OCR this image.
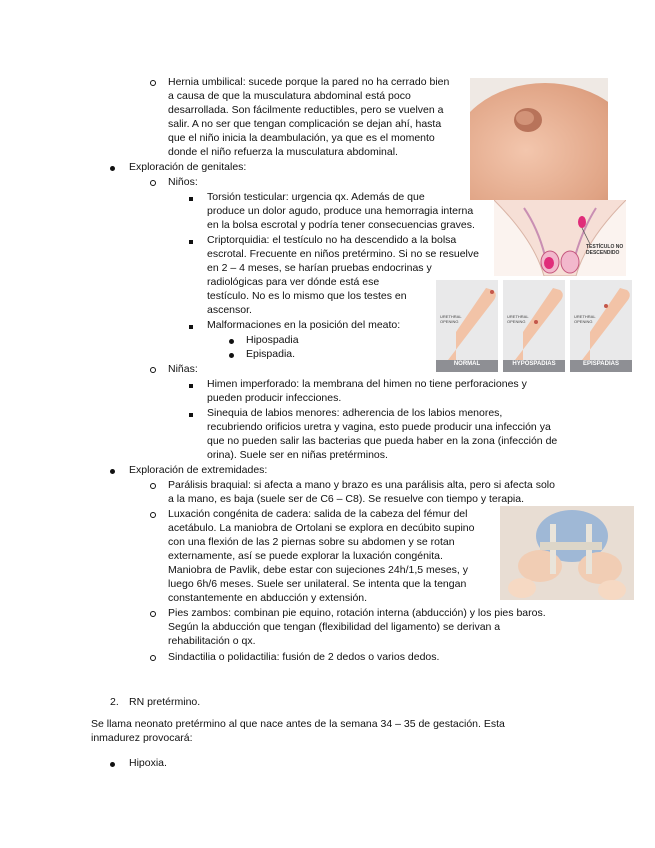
TESTÍCULO NO
DESCENDIDO
URETHRAL
OPENING
URETHRAL
OPENING
URETHRAL
OPENING
NORMAL	HYPOSPADIAS	EPISPADIAS
Hernia umbilical: sucede porque la pared no ha cerrado bien
a causa de que la musculatura abdominal está poco
desarrollada. Son fácilmente reductibles, pero se vuelven a
salir. A no ser que tengan complicación se dejan ahí, hasta
que el niño inicia la deambulación, ya que es el momento
donde el niño refuerza la musculatura abdominal.
Exploración de genitales:
Niños:
Torsión testicular: urgencia qx. Además de que
produce un dolor agudo, produce una hemorragia interna
en la bolsa escrotal y podría tener consecuencias graves.
Criptorquidia: el testículo no ha descendido a la bolsa
escrotal. Frecuente en niños pretérmino. Si no se resuelve
en 2 – 4 meses, se harían pruebas endocrinas y
radiológicas para ver dónde está ese
testículo. No es lo mismo que los testes en
ascensor.
Malformaciones en la posición del meato:
Hipospadia
Epispadia.
Niñas:
Himen imperforado: la membrana del himen no tiene perforaciones y
pueden producir infecciones.
Sinequia de labios menores: adherencia de los labios menores,
recubriendo orificios uretra y vagina, esto puede producir una infección ya
que no pueden salir las bacterias que pueda haber en la zona (infección de
orina). Suele ser en niñas pretérminos.
Exploración de extremidades:
Parálisis braquial: si afecta a mano y brazo es una parálisis alta, pero si afecta solo
a la mano, es baja (suele ser de C6 – C8). Se resuelve con tiempo y terapia.
Luxación congénita de cadera: salida de la cabeza del fémur del
acetábulo. La maniobra de Ortolani se explora en decúbito supino
con una flexión de las 2 piernas sobre su abdomen y se rotan
externamente, así se puede explorar la luxación congénita.
Maniobra de Pavlik, debe estar con sujeciones 24h/1,5 meses, y
luego 6h/6 meses. Suele ser unilateral. Se intenta que la tengan
constantemente en abducción y extensión.
Pies zambos: combinan pie equino, rotación interna (abducción) y los pies baros.
Según la abducción que tengan (flexibilidad del ligamento) se derivan a
rehabilitación o qx.
Sindactilia o polidactilia: fusión de 2 dedos o varios dedos.
2. RN pretérmino.
Se llama neonato pretérmino al que nace antes de la semana 34 – 35 de gestación. Esta
inmadurez provocará:
Hipoxia.
